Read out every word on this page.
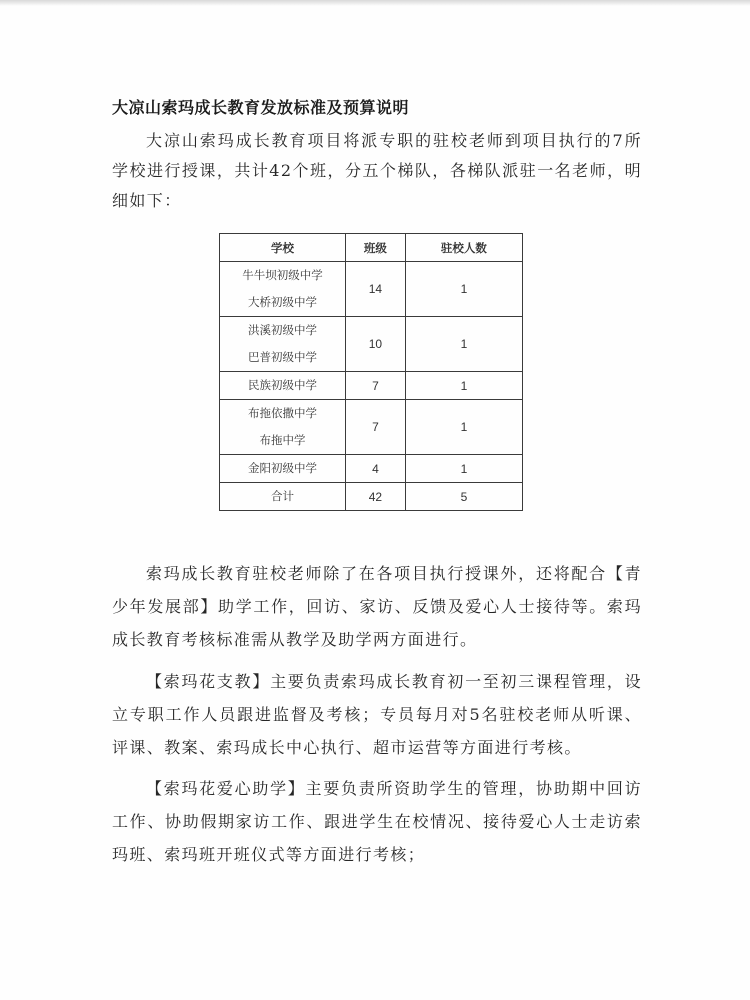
大凉山索玛成长教育发放标准及预算说明

大凉山索玛成长教育项目将派专职的驻校老师到项目执行的7所学校进行授课，共计42个班，分五个梯队，各梯队派驻一名老师，明细如下：

学校	班级	驻校人数

牛牛坝初级中学
大桥初级中学	14	1

洪溪初级中学
巴普初级中学	10	1

民族初级中学	7	1

布拖依撒中学
布拖中学	7	1

金阳初级中学	4	1

合计	42	5

索玛成长教育驻校老师除了在各项目执行授课外，还将配合【青少年发展部】助学工作，回访、家访、反馈及爱心人士接待等。索玛成长教育考核标准需从教学及助学两方面进行。

【索玛花支教】主要负责索玛成长教育初一至初三课程管理，设立专职工作人员跟进监督及考核；专员每月对5名驻校老师从听课、评课、教案、索玛成长中心执行、超市运营等方面进行考核。

【索玛花爱心助学】主要负责所资助学生的管理，协助期中回访工作、协助假期家访工作、跟进学生在校情况、接待爱心人士走访索玛班、索玛班开班仪式等方面进行考核；
